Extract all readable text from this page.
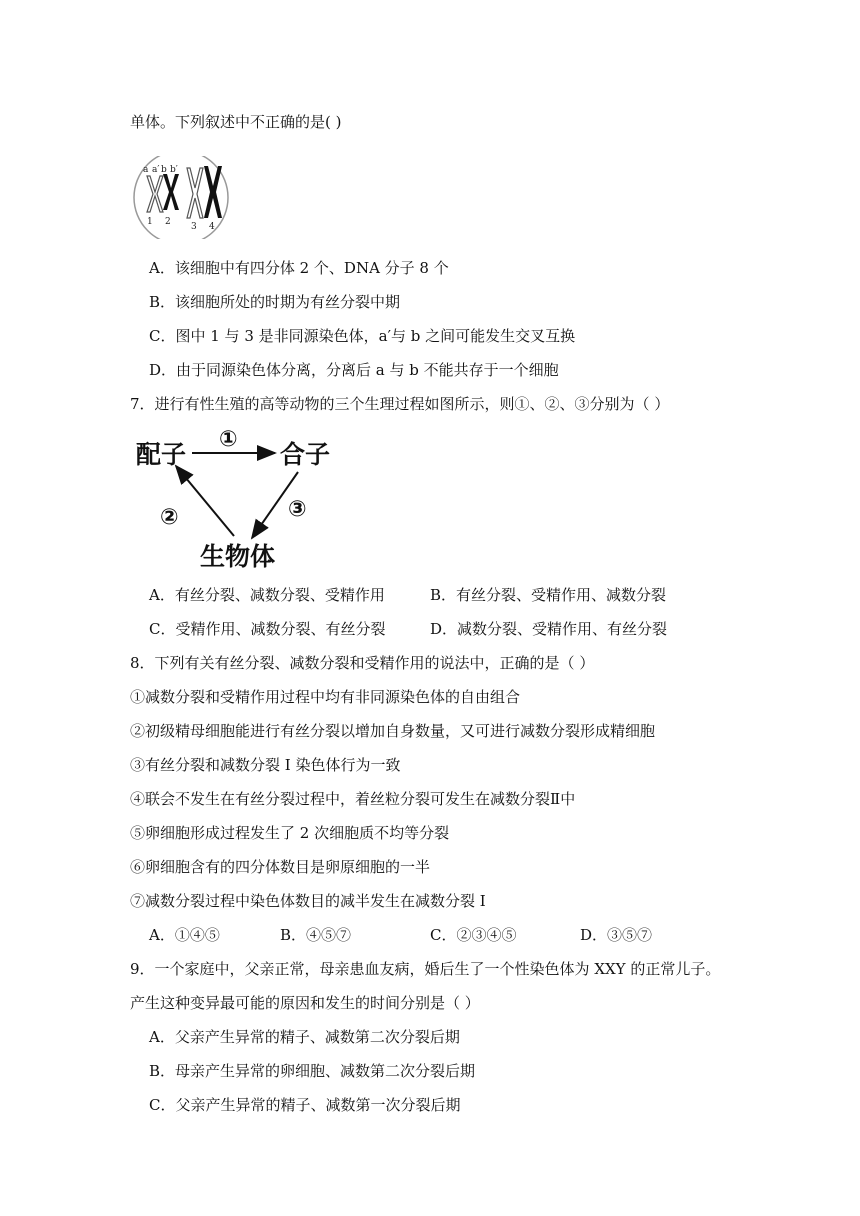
单体。下列叙述中不正确的是( )
a a′ b b′
1 2 3 4
A．该细胞中有四分体 2 个、DNA 分子 8 个
B．该细胞所处的时期为有丝分裂中期
C．图中 1 与 3 是非同源染色体，a′与 b 之间可能发生交叉互换
D．由于同源染色体分离，分离后 a 与 b 不能共存于一个细胞
7．进行有性生殖的高等动物的三个生理过程如图所示，则①、②、③分别为（ ）
配子	合子
生物体
①
②	③
A．有丝分裂、减数分裂、受精作用	B．有丝分裂、受精作用、减数分裂
C．受精作用、减数分裂、有丝分裂	D．减数分裂、受精作用、有丝分裂
8．下列有关有丝分裂、减数分裂和受精作用的说法中，正确的是（ ）
①减数分裂和受精作用过程中均有非同源染色体的自由组合
②初级精母细胞能进行有丝分裂以增加自身数量，又可进行减数分裂形成精细胞
③有丝分裂和减数分裂 I 染色体行为一致
④联会不发生在有丝分裂过程中，着丝粒分裂可发生在减数分裂Ⅱ中
⑤卵细胞形成过程发生了 2 次细胞质不均等分裂
⑥卵细胞含有的四分体数目是卵原细胞的一半
⑦减数分裂过程中染色体数目的减半发生在减数分裂 I
A．①④⑤	B．④⑤⑦	C．②③④⑤	D．③⑤⑦
9．一个家庭中，父亲正常，母亲患血友病，婚后生了一个性染色体为 XXY 的正常儿子。
产生这种变异最可能的原因和发生的时间分别是（ ）
A．父亲产生异常的精子、减数第二次分裂后期
B．母亲产生异常的卵细胞、减数第二次分裂后期
C．父亲产生异常的精子、减数第一次分裂后期
